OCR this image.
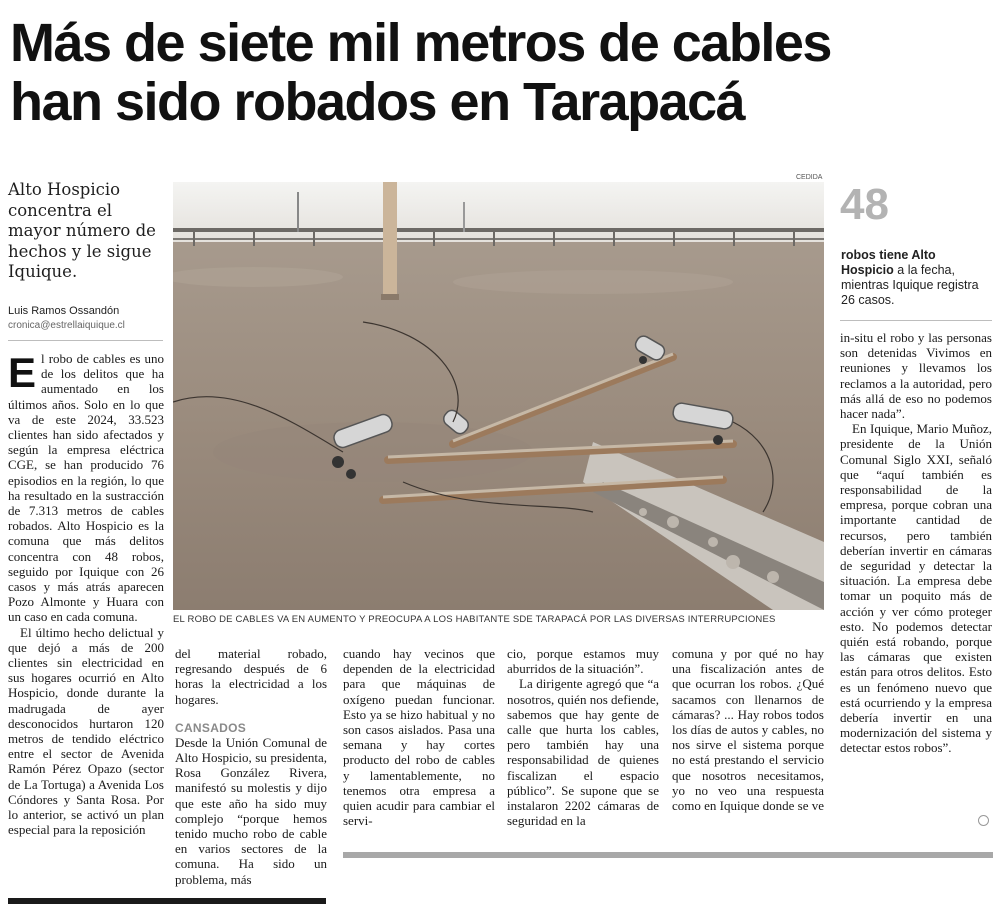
Más de siete mil metros de cables
han sido robados en Tarapacá
Alto Hospicio concentra el mayor número de hechos y le sigue Iquique.
Luis Ramos Ossandón
cronica@estrellaiquique.cl
CEDIDA
EL ROBO DE CABLES VA EN AUMENTO Y PREOCUPA A LOS HABITANTE SDE TARAPACÁ POR LAS DIVERSAS INTERRUPCIONES
48
robos tiene Alto Hospicio a la fecha, mientras Iquique registra 26 casos.

El robo de cables es uno de los delitos que ha aumentado en los últimos años. Solo en lo que va de este 2024, 33.523 clientes han sido afectados y según la empresa eléctrica CGE, se han producido 76 episodios en la región, lo que ha resultado en la sustracción de 7.313 metros de cables robados. Alto Hospicio es la comuna que más delitos concentra con 48 robos, seguido por Iquique con 26 casos y más atrás aparecen Pozo Almonte y Huara con un caso en cada comuna.

El último hecho delictual y que dejó a más de 200 clientes sin electricidad en sus hogares ocurrió en Alto Hospicio, donde durante la madrugada de ayer desconocidos hurtaron 120 metros de tendido eléctrico entre el sector de Avenida Ramón Pérez Opazo (sector de La Tortuga) a Avenida Los Cóndores y Santa Rosa. Por lo anterior, se activó un plan especial para la reposición

del material robado, regresando después de 6 horas la electricidad a los hogares.

CANSADOS

Desde la Unión Comunal de Alto Hospicio, su presidenta, Rosa González Rivera, manifestó su molestis y dijo que este año ha sido muy complejo “porque hemos tenido mucho robo de cable en varios sectores de la comuna. Ha sido un problema, más

cuando hay vecinos que dependen de la electricidad para que máquinas de oxígeno puedan funcionar. Esto ya se hizo habitual y no son casos aislados. Pasa una semana y hay cortes producto del robo de cables y lamentablemente, no tenemos otra empresa a quien acudir para cambiar el servi-

cio, porque estamos muy aburridos de la situación”.

La dirigente agregó que “a nosotros, quién nos defiende, sabemos que hay gente de calle que hurta los cables, pero también hay una responsabilidad de quienes fiscalizan el espacio público”. Se supone que se instalaron 2202 cámaras de seguridad en la

comuna y por qué no hay una fiscalización antes de que ocurran los robos. ¿Qué sacamos con llenarnos de cámaras? ... Hay robos todos los días de autos y cables, no nos sirve el sistema porque no está prestando el servicio que nosotros necesitamos, yo no veo una respuesta como en Iquique donde se ve

in-situ el robo y las personas son detenidas Vivimos en reuniones y llevamos los reclamos a la autoridad, pero más allá de eso no podemos hacer nada”.

En Iquique, Mario Muñoz, presidente de la Unión Comunal Siglo XXI, señaló que “aquí también es responsabilidad de la empresa, porque cobran una importante cantidad de recursos, pero también deberían invertir en cámaras de seguridad y detectar la situación. La empresa debe tomar un poquito más de acción y ver cómo proteger esto. No podemos detectar quién está robando, porque las cámaras que existen están para otros delitos. Esto es un fenómeno nuevo que está ocurriendo y la empresa debería invertir en una modernización del sistema y detectar estos robos”.
